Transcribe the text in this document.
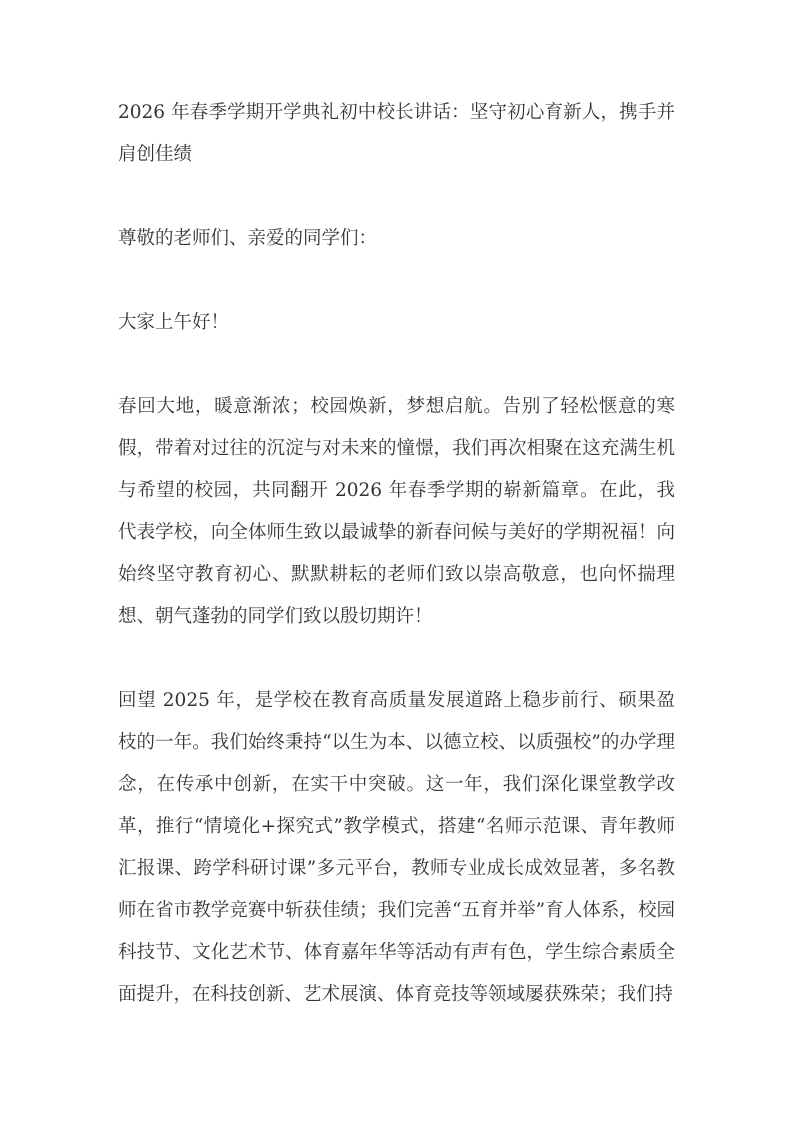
2026 年春季学期开学典礼初中校长讲话：坚守初心育新人，携手并肩创佳绩

尊敬的老师们、亲爱的同学们：

大家上午好！

春回大地，暖意渐浓；校园焕新，梦想启航。告别了轻松惬意的寒假，带着对过往的沉淀与对未来的憧憬，我们再次相聚在这充满生机与希望的校园，共同翻开 2026 年春季学期的崭新篇章。在此，我代表学校，向全体师生致以最诚挚的新春问候与美好的学期祝福！向始终坚守教育初心、默默耕耘的老师们致以崇高敬意，也向怀揣理想、朝气蓬勃的同学们致以殷切期许！

回望 2025 年，是学校在教育高质量发展道路上稳步前行、硕果盈枝的一年。我们始终秉持“以生为本、以德立校、以质强校”的办学理念，在传承中创新，在实干中突破。这一年，我们深化课堂教学改革，推行“情境化+探究式”教学模式，搭建“名师示范课、青年教师汇报课、跨学科研讨课”多元平台，教师专业成长成效显著，多名教师在省市教学竞赛中斩获佳绩；我们完善“五育并举”育人体系，校园科技节、文化艺术节、体育嘉年华等活动有声有色，学生综合素质全面提升，在科技创新、艺术展演、体育竞技等领域屡获殊荣；我们持
